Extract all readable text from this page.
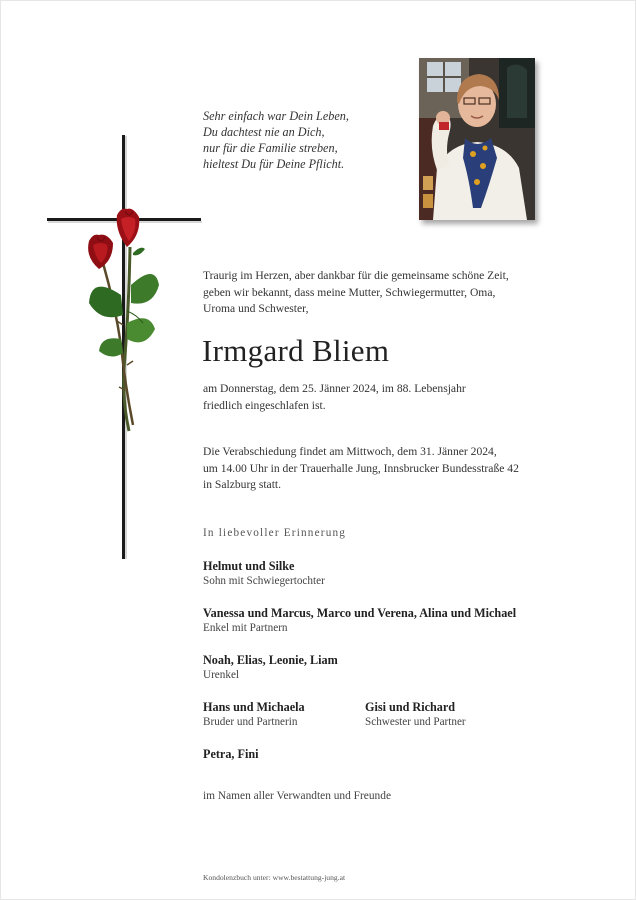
Sehr einfach war Dein Leben,
Du dachtest nie an Dich,
nur für die Familie streben,
hieltest Du für Deine Pflicht.
Traurig im Herzen, aber dankbar für die gemeinsame schöne Zeit,
geben wir bekannt, dass meine Mutter, Schwiegermutter, Oma,
Uroma und Schwester,
Irmgard Bliem
am Donnerstag, dem 25. Jänner 2024, im 88. Lebensjahr
friedlich eingeschlafen ist.
Die Verabschiedung findet am Mittwoch, dem 31. Jänner 2024,
um 14.00 Uhr in der Trauerhalle Jung, Innsbrucker Bundesstraße 42
in Salzburg statt.
In liebevoller Erinnerung
Helmut und Silke
Sohn mit Schwiegertochter
Vanessa und Marcus, Marco und Verena, Alina und Michael
Enkel mit Partnern
Noah, Elias, Leonie, Liam
Urenkel
Hans und Michaela
Bruder und Partnerin
Gisi und Richard
Schwester und Partner
Petra, Fini
im Namen aller Verwandten und Freunde
Kondolenzbuch unter: www.bestattung-jung.at
